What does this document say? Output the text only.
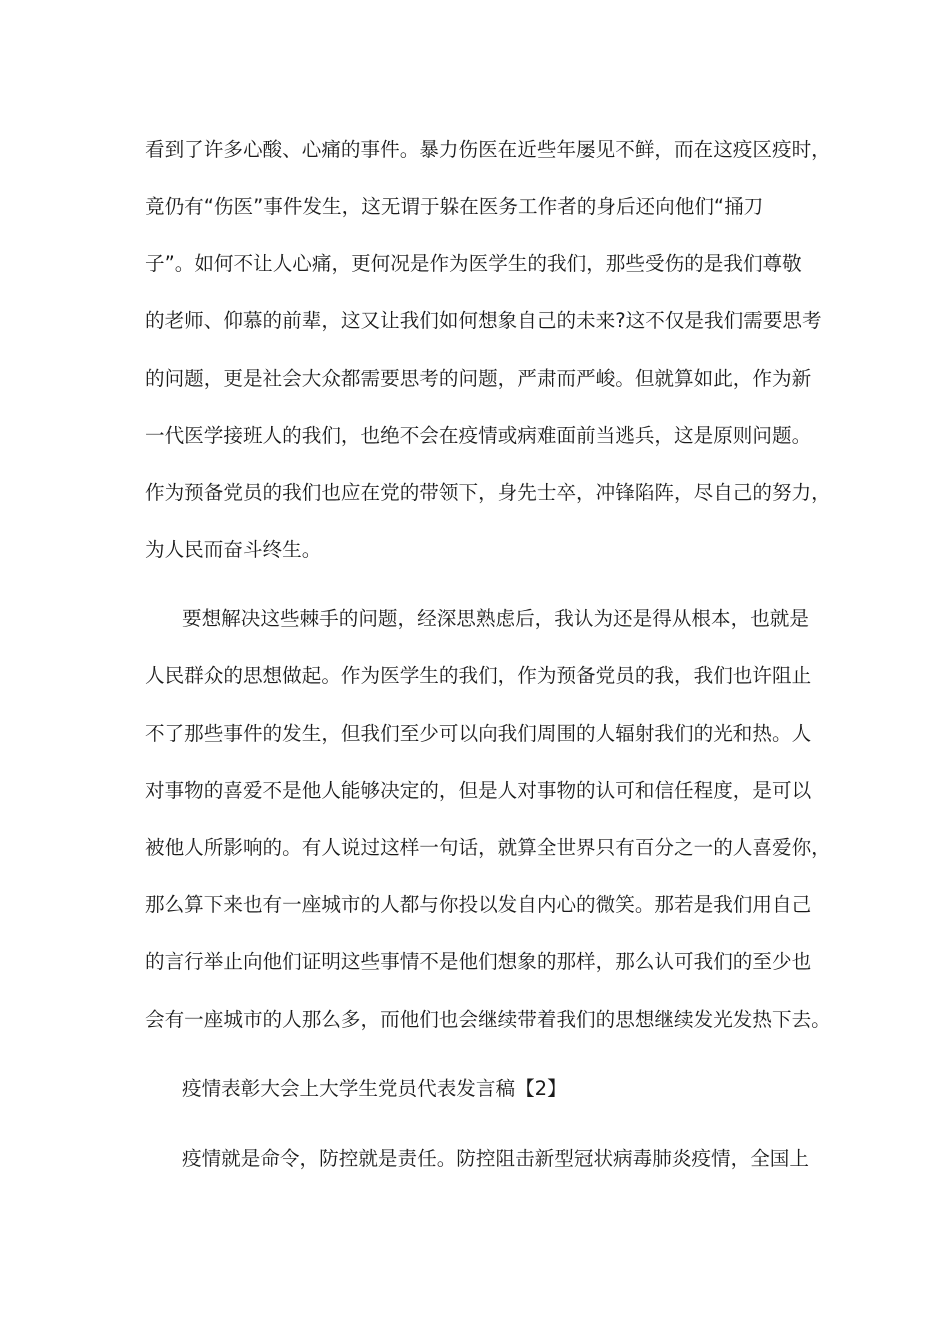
看到了许多心酸、心痛的事件。暴力伤医在近些年屡见不鲜，而在这疫区疫时，
竟仍有“伤医”事件发生，这无谓于躲在医务工作者的身后还向他们“捅刀
子”。如何不让人心痛，更何况是作为医学生的我们，那些受伤的是我们尊敬
的老师、仰慕的前辈，这又让我们如何想象自己的未来?这不仅是我们需要思考
的问题，更是社会大众都需要思考的问题，严肃而严峻。但就算如此，作为新
一代医学接班人的我们，也绝不会在疫情或病难面前当逃兵，这是原则问题。
作为预备党员的我们也应在党的带领下，身先士卒，冲锋陷阵，尽自己的努力，
为人民而奋斗终生。
要想解决这些棘手的问题，经深思熟虑后，我认为还是得从根本，也就是
人民群众的思想做起。作为医学生的我们，作为预备党员的我，我们也许阻止
不了那些事件的发生，但我们至少可以向我们周围的人辐射我们的光和热。人
对事物的喜爱不是他人能够决定的，但是人对事物的认可和信任程度，是可以
被他人所影响的。有人说过这样一句话，就算全世界只有百分之一的人喜爱你，
那么算下来也有一座城市的人都与你投以发自内心的微笑。那若是我们用自己
的言行举止向他们证明这些事情不是他们想象的那样，那么认可我们的至少也
会有一座城市的人那么多，而他们也会继续带着我们的思想继续发光发热下去。
疫情表彰大会上大学生党员代表发言稿【2】
疫情就是命令，防控就是责任。防控阻击新型冠状病毒肺炎疫情，全国上
